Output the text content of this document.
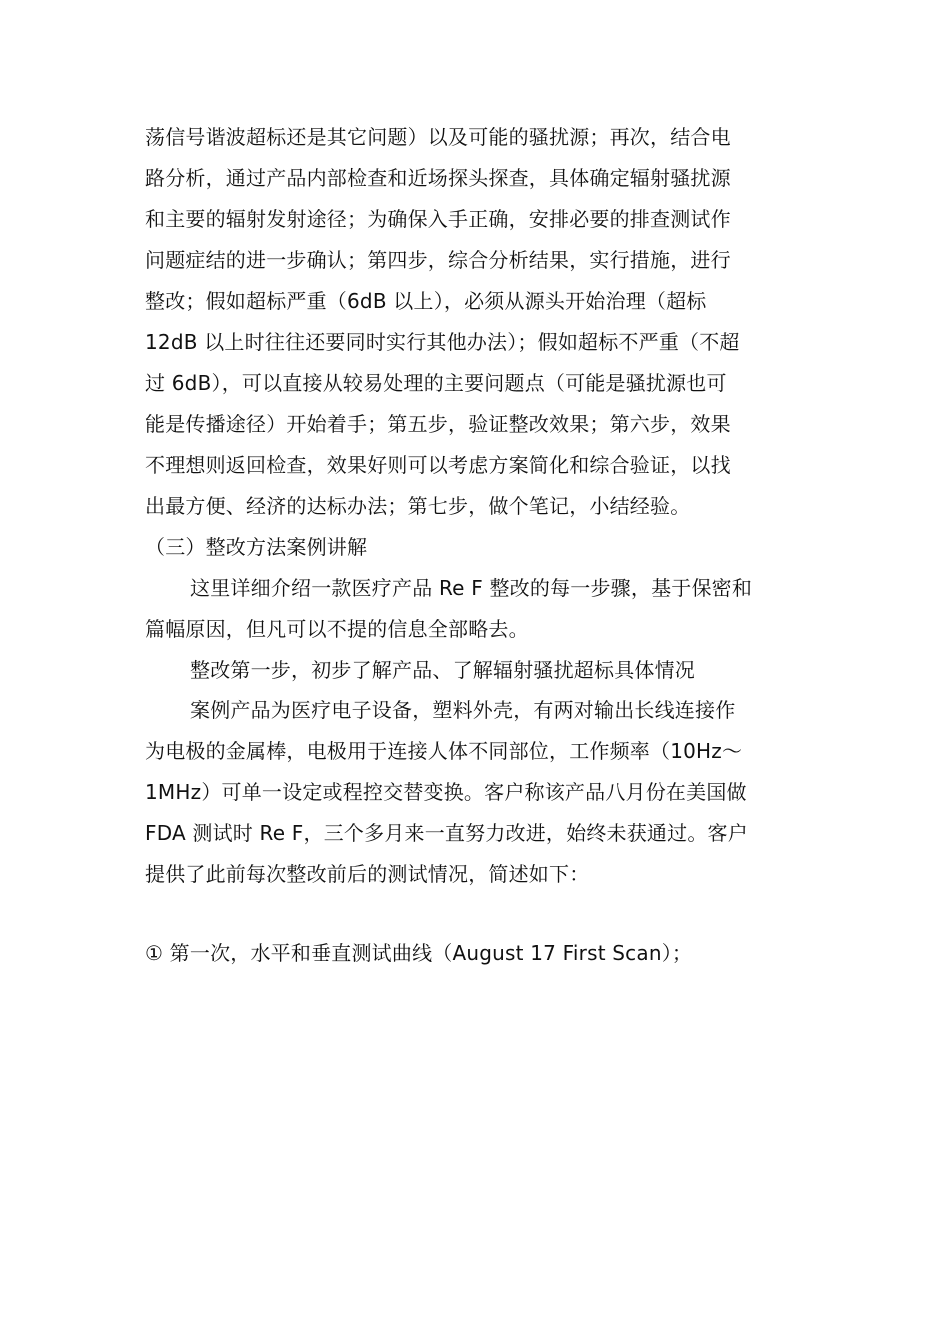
荡信号谐波超标还是其它问题）以及可能的骚扰源；再次，结合电
路分析，通过产品内部检查和近场探头探查，具体确定辐射骚扰源
和主要的辐射发射途径；为确保入手正确，安排必要的排查测试作
问题症结的进一步确认；第四步，综合分析结果，实行措施，进行
整改；假如超标严重（6dB 以上），必须从源头开始治理（超标
12dB 以上时往往还要同时实行其他办法）；假如超标不严重（不超
过 6dB），可以直接从较易处理的主要问题点（可能是骚扰源也可
能是传播途径）开始着手；第五步，验证整改效果；第六步，效果
不理想则返回检查，效果好则可以考虑方案简化和综合验证，以找
出最方便、经济的达标办法；第七步，做个笔记，小结经验。
（三）整改方法案例讲解
这里详细介绍一款医疗产品 Re F 整改的每一步骤，基于保密和
篇幅原因，但凡可以不提的信息全部略去。
整改第一步，初步了解产品、了解辐射骚扰超标具体情况
案例产品为医疗电子设备，塑料外壳，有两对输出长线连接作
为电极的金属棒，电极用于连接人体不同部位，工作频率（10Hz～
1MHz）可单一设定或程控交替变换。客户称该产品八月份在美国做
FDA 测试时 Re F，三个多月来一直努力改进，始终未获通过。客户
提供了此前每次整改前后的测试情况，简述如下：
① 第一次，水平和垂直测试曲线（August 17 First Scan）；
